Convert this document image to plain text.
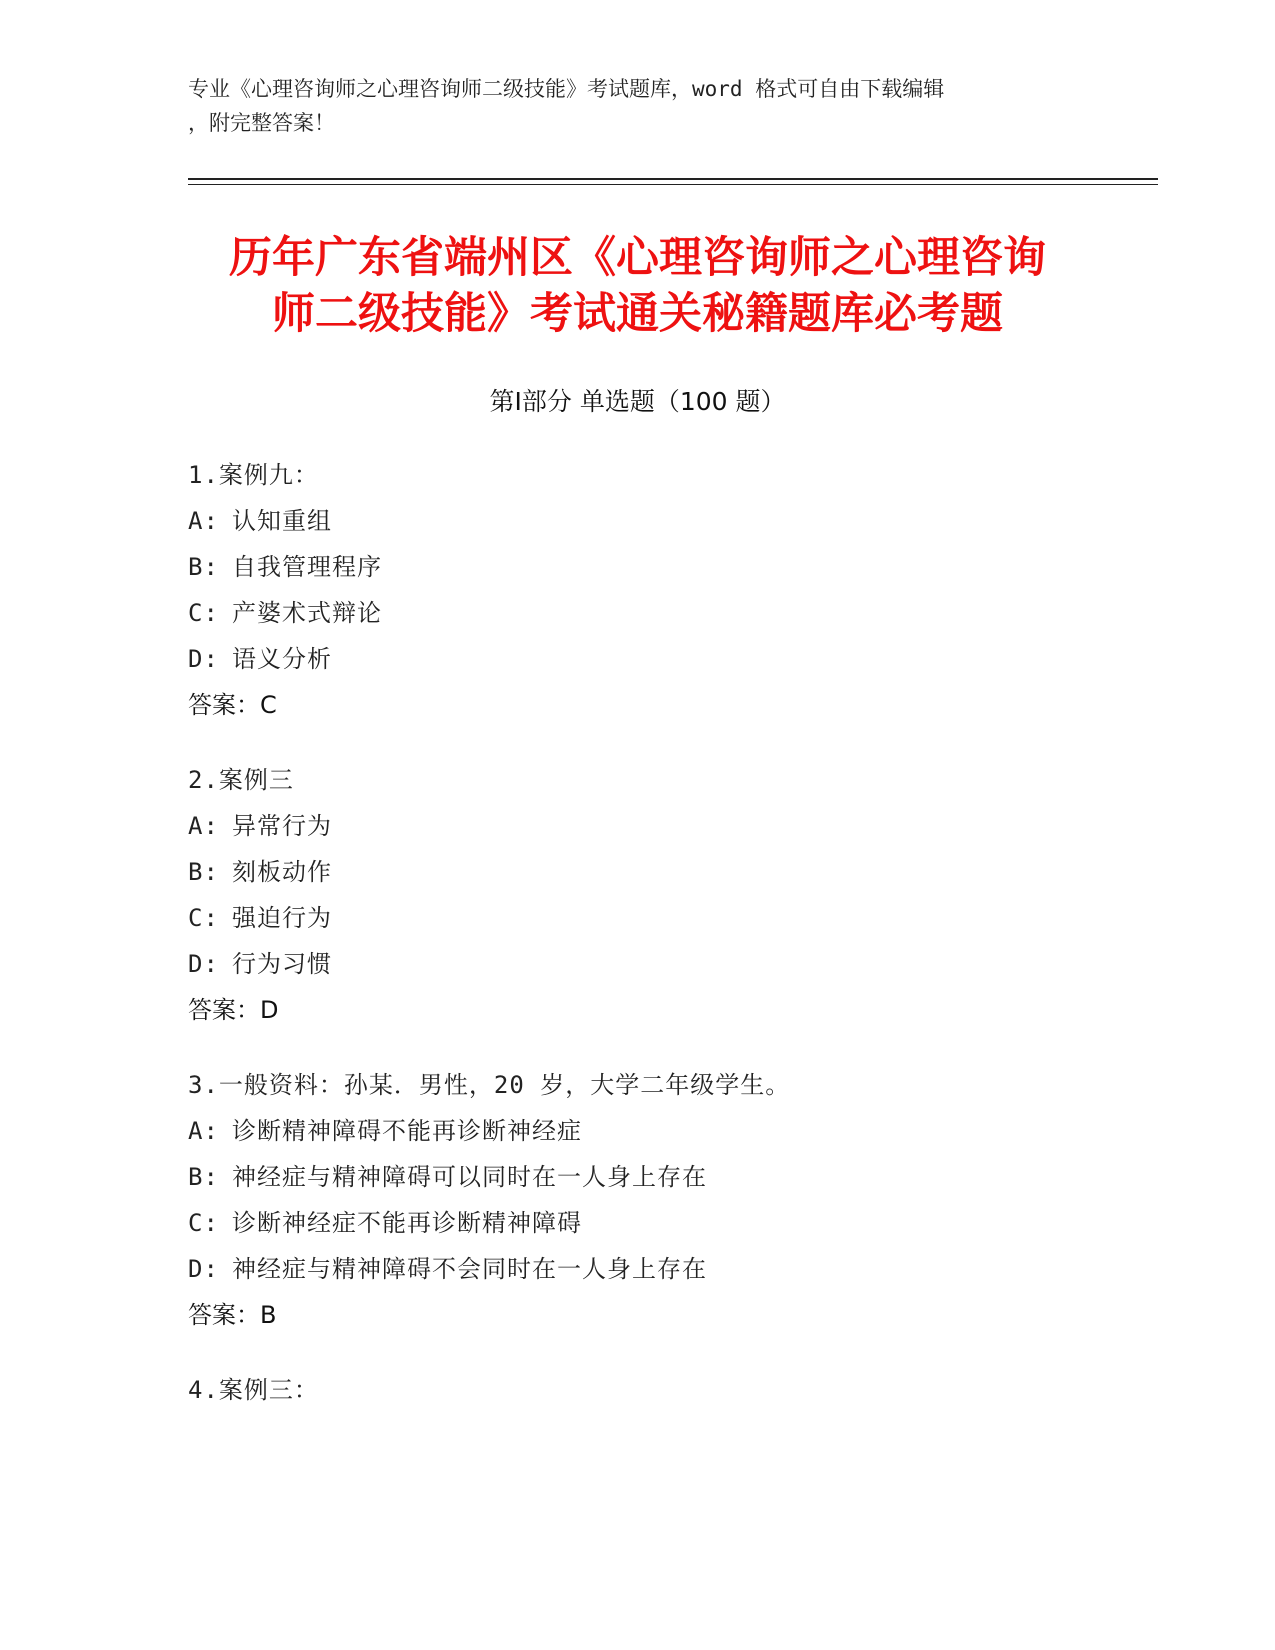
专业《心理咨询师之心理咨询师二级技能》考试题库，word 格式可自由下载编辑
，附完整答案！
历年广东省端州区《心理咨询师之心理咨询
师二级技能》考试通关秘籍题库必考题
第Ⅰ部分 单选题（100 题）
1.案例九：
A: 认知重组
B: 自我管理程序
C: 产婆术式辩论
D: 语义分析
答案：C
2.案例三
A: 异常行为
B: 刻板动作
C: 强迫行为
D: 行为习惯
答案：D
3.一般资料：孙某．男性，20 岁，大学二年级学生。
A: 诊断精神障碍不能再诊断神经症
B: 神经症与精神障碍可以同时在一人身上存在
C: 诊断神经症不能再诊断精神障碍
D: 神经症与精神障碍不会同时在一人身上存在
答案：B
4.案例三：
